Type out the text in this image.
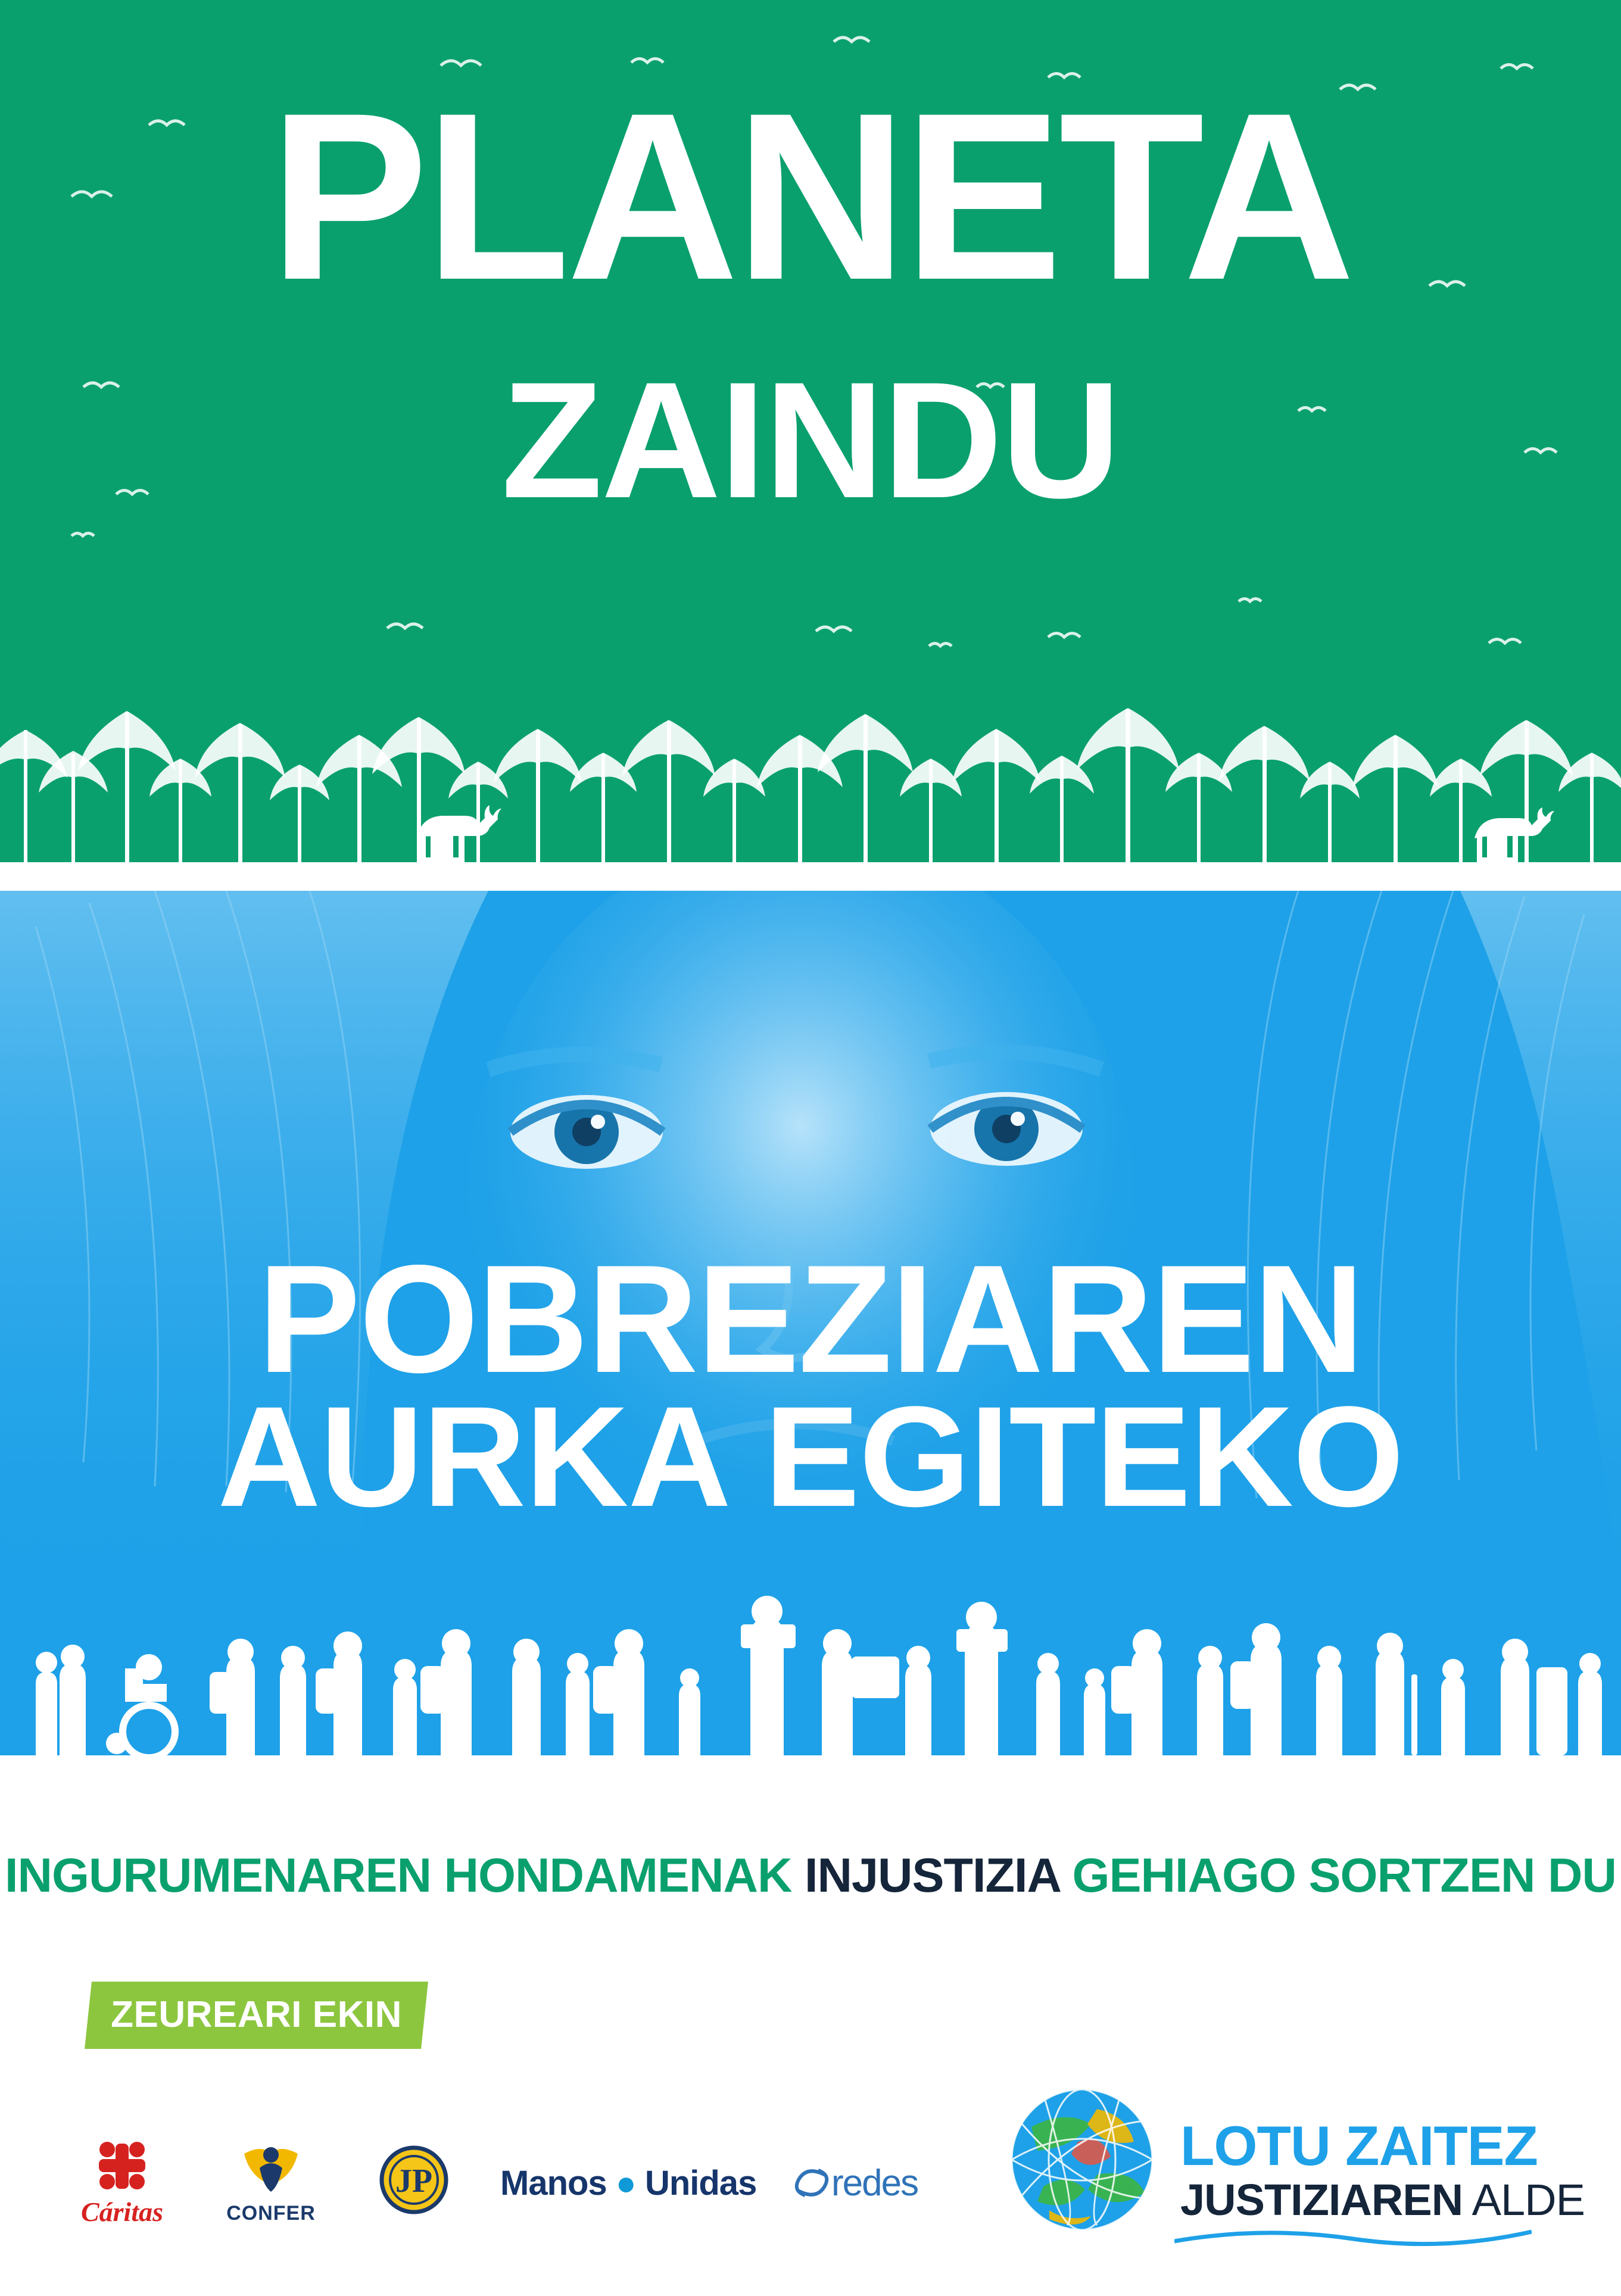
PLANETA
ZAINDU
POBREZIAREN
AURKA EGITEKO
INGURUMENAREN HONDAMENAK INJUSTIZIA GEHIAGO SORTZEN DU
ZEUREARI EKIN
Cáritas	CONFER
JP Manos ● Unidas	redes
LOTU ZAITEZ
JUSTIZIAREN ALDE
